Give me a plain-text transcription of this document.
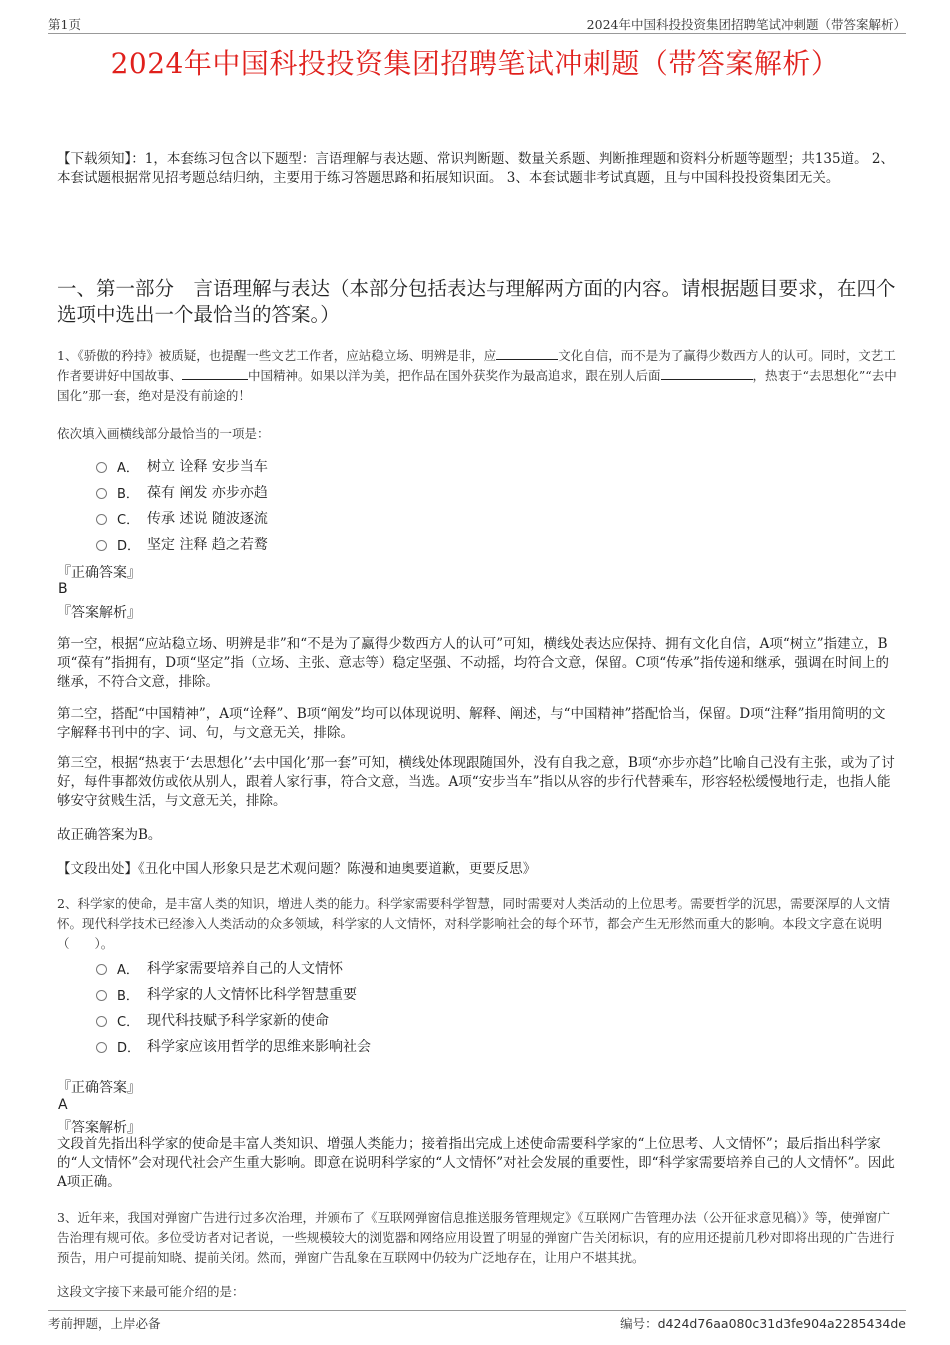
第1页	2024年中国科投投资集团招聘笔试冲刺题（带答案解析）
2024年中国科投投资集团招聘笔试冲刺题（带答案解析）
【下载须知】：1，本套练习包含以下题型：言语理解与表达题、常识判断题、数量关系题、判断推理题和资料分析题等题型；共135道。 2、本套试题根据常见招考题总结归纳，主要用于练习答题思路和拓展知识面。 3、本套试题非考试真题，且与中国科投投资集团无关。
一、第一部分　言语理解与表达（本部分包括表达与理解两方面的内容。请根据题目要求，在四个选项中选出一个最恰当的答案。）
1、《骄傲的矜持》被质疑，也提醒一些文艺工作者，应站稳立场、明辨是非，应	文化自信，而不是为了赢得少数西方人的认可。同时，文艺工作者要讲好中国故事、	中国精神。如果以洋为美，把作品在国外获奖作为最高追求，跟在别人后面	，热衷于“去思想化”“去中国化”那一套，绝对是没有前途的！
依次填入画横线部分最恰当的一项是：
A． 树立 诠释 安步当车
B． 葆有 阐发 亦步亦趋
C． 传承 述说 随波逐流
D． 坚定 注释 趋之若鹜
『正确答案』
B
『答案解析』
第一空，根据“应站稳立场、明辨是非”和“不是为了赢得少数西方人的认可”可知，横线处表达应保持、拥有文化自信，A项“树立”指建立，B项“葆有”指拥有，D项“坚定”指（立场、主张、意志等）稳定坚强、不动摇，均符合文意，保留。C项“传承”指传递和继承，强调在时间上的继承，不符合文意，排除。
第二空，搭配“中国精神”，A项“诠释”、B项“阐发”均可以体现说明、解释、阐述，与“中国精神”搭配恰当，保留。D项“注释”指用简明的文字解释书刊中的字、词、句，与文意无关，排除。
第三空，根据“热衷于‘去思想化’‘去中国化’那一套”可知，横线处体现跟随国外，没有自我之意，B项“亦步亦趋”比喻自己没有主张，或为了讨好，每件事都效仿或依从别人，跟着人家行事，符合文意，当选。A项“安步当车”指以从容的步行代替乘车，形容轻松缓慢地行走，也指人能够安守贫贱生活，与文意无关，排除。
故正确答案为B。
【文段出处】《丑化中国人形象只是艺术观问题？陈漫和迪奥要道歉，更要反思》
2、科学家的使命，是丰富人类的知识，增进人类的能力。科学家需要科学智慧，同时需要对人类活动的上位思考。需要哲学的沉思，需要深厚的人文情怀。现代科学技术已经渗入人类活动的众多领域，科学家的人文情怀，对科学影响社会的每个环节，都会产生无形然而重大的影响。本段文字意在说明（　　）。
A． 科学家需要培养自己的人文情怀
B． 科学家的人文情怀比科学智慧重要
C． 现代科技赋予科学家新的使命
D． 科学家应该用哲学的思维来影响社会
『正确答案』
A
『答案解析』
文段首先指出科学家的使命是丰富人类知识、增强人类能力；接着指出完成上述使命需要科学家的“上位思考、人文情怀”；最后指出科学家的“人文情怀”会对现代社会产生重大影响。即意在说明科学家的“人文情怀”对社会发展的重要性，即“科学家需要培养自己的人文情怀”。因此A项正确。
3、近年来，我国对弹窗广告进行过多次治理，并颁布了《互联网弹窗信息推送服务管理规定》《互联网广告管理办法（公开征求意见稿）》等，使弹窗广告治理有规可依。多位受访者对记者说，一些规模较大的浏览器和网络应用设置了明显的弹窗广告关闭标识，有的应用还提前几秒对即将出现的广告进行预告，用户可提前知晓、提前关闭。然而，弹窗广告乱象在互联网中仍较为广泛地存在，让用户不堪其扰。
这段文字接下来最可能介绍的是：
考前押题，上岸必备	编号：d424d76aa080c31d3fe904a2285434de
